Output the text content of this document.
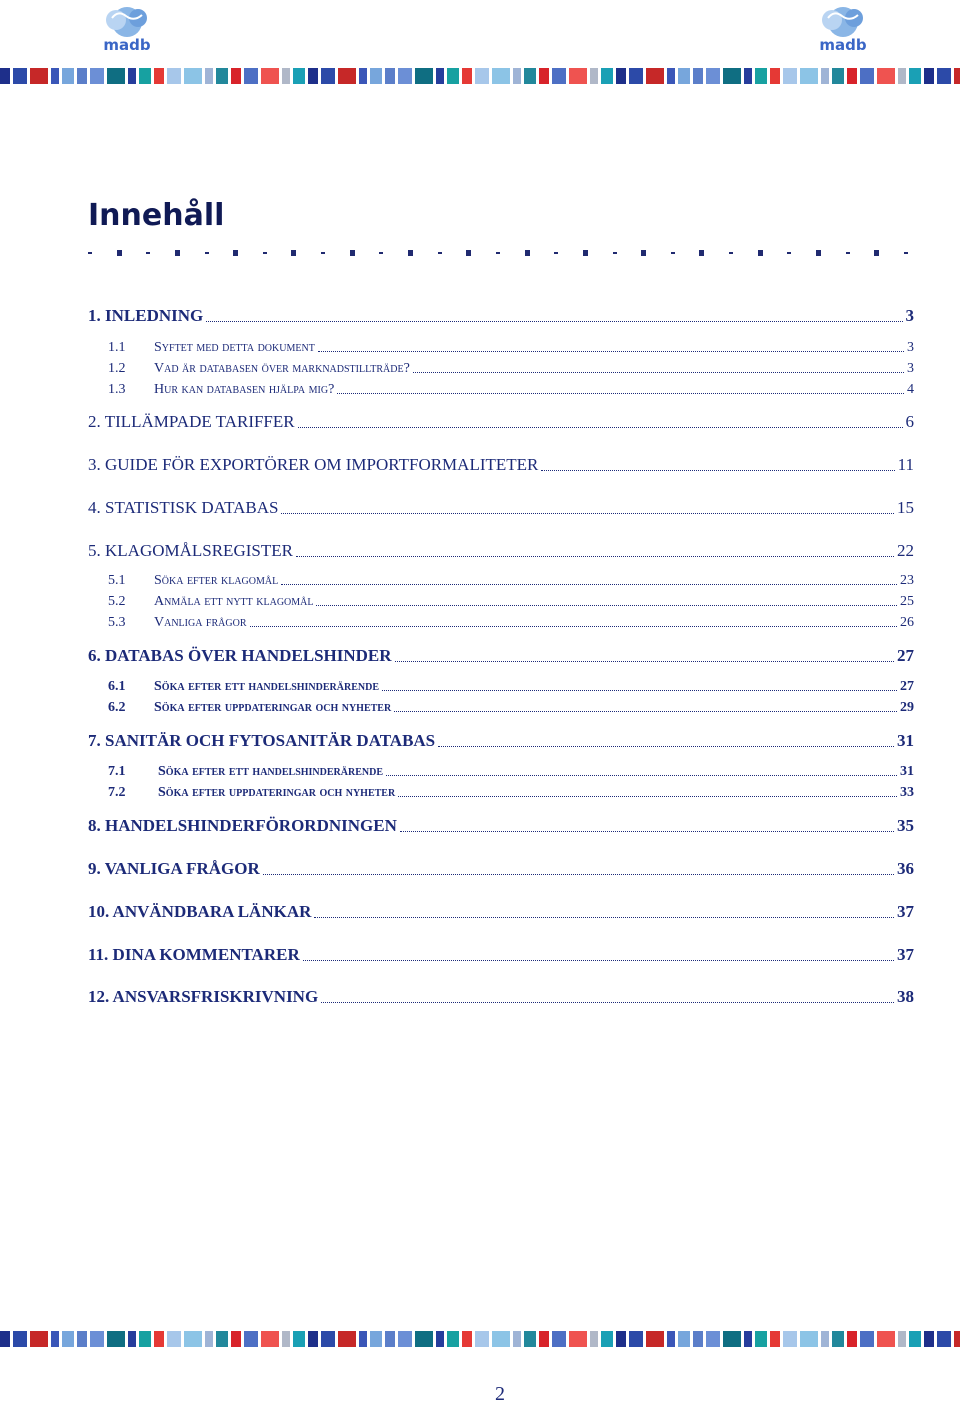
madb	madb
Innehåll
1. INLEDNING	3
1.1	Syftet med detta dokument	3
1.2	Vad är databasen över marknadstillträde?	3
1.3	Hur kan databasen hjälpa mig?	4
2. TILLÄMPADE TARIFFER	6
3. GUIDE FÖR EXPORTÖRER OM IMPORTFORMALITETER	11
4. STATISTISK DATABAS	15
5. KLAGOMÅLSREGISTER	22
5.1	Söka efter klagomål	23
5.2	Anmäla ett nytt klagomål	25
5.3	Vanliga frågor	26
6. DATABAS ÖVER HANDELSHINDER	27
6.1	Söka efter ett handelshinderärende	27
6.2	Söka efter uppdateringar och nyheter	29
7. SANITÄR OCH FYTOSANITÄR DATABAS	31
7.1	Söka efter ett handelshinderärende	31
7.2	Söka efter uppdateringar och nyheter	33
8. HANDELSHINDERFÖRORDNINGEN	35
9. VANLIGA FRÅGOR	36
10. ANVÄNDBARA LÄNKAR	37
11. DINA KOMMENTARER	37
12. ANSVARSFRISKRIVNING	38
2
